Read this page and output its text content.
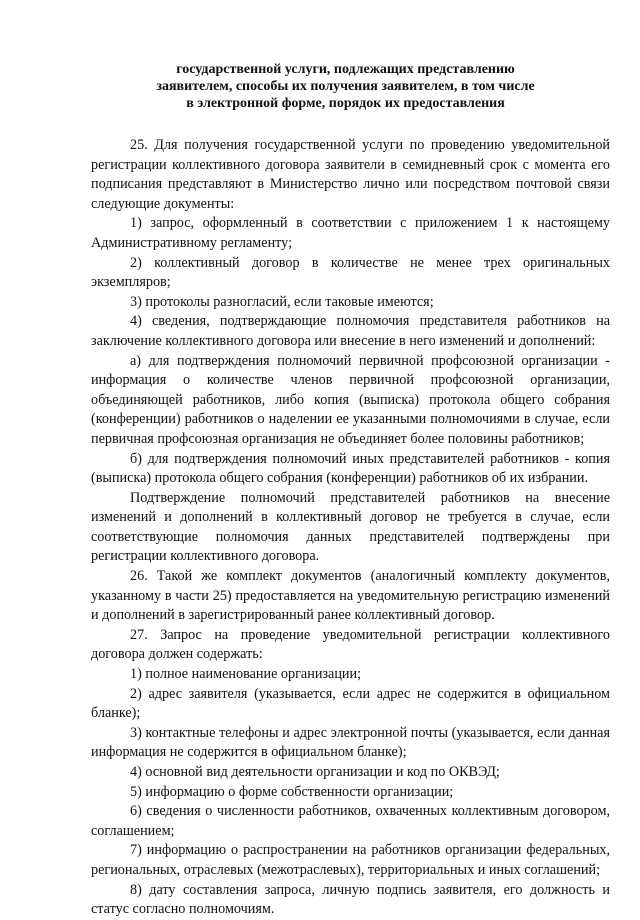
государственной услуги, подлежащих представлению
заявителем, способы их получения заявителем, в том числе
в электронной форме, порядок их предоставления

25. Для получения государственной услуги по проведению уведомительной регистрации коллективного договора заявители в семидневный срок с момента его подписания представляют в Министерство лично или посредством почтовой связи следующие документы:

1) запрос, оформленный в соответствии с приложением 1 к настоящему Административному регламенту;

2) коллективный договор в количестве не менее трех оригинальных экземпляров;

3) протоколы разногласий, если таковые имеются;

4) сведения, подтверждающие полномочия представителя работников на заключение коллективного договора или внесение в него изменений и дополнений:

а) для подтверждения полномочий первичной профсоюзной организации - информация о количестве членов первичной профсоюзной организации, объединяющей работников, либо копия (выписка) протокола общего собрания (конференции) работников о наделении ее указанными полномочиями в случае, если первичная профсоюзная организация не объединяет более половины работников;

б) для подтверждения полномочий иных представителей работников - копия (выписка) протокола общего собрания (конференции) работников об их избрании.

Подтверждение полномочий представителей работников на внесение изменений и дополнений в коллективный договор не требуется в случае, если соответствующие полномочия данных представителей подтверждены при регистрации коллективного договора.

26. Такой же комплект документов (аналогичный комплекту документов, указанному в части 25) предоставляется на уведомительную регистрацию изменений и дополнений в зарегистрированный ранее коллективный договор.

27. Запрос на проведение уведомительной регистрации коллективного договора должен содержать:

1) полное наименование организации;

2) адрес заявителя (указывается, если адрес не содержится в официальном бланке);

3) контактные телефоны и адрес электронной почты (указывается, если данная информация не содержится в официальном бланке);

4) основной вид деятельности организации и код по ОКВЭД;

5) информацию о форме собственности организации;

6) сведения о численности работников, охваченных коллективным договором, соглашением;

7) информацию о распространении на работников организации федеральных, региональных, отраслевых (межотраслевых), территориальных и иных соглашений;

8) дату составления запроса, личную подпись заявителя, его должность и статус согласно полномочиям.
